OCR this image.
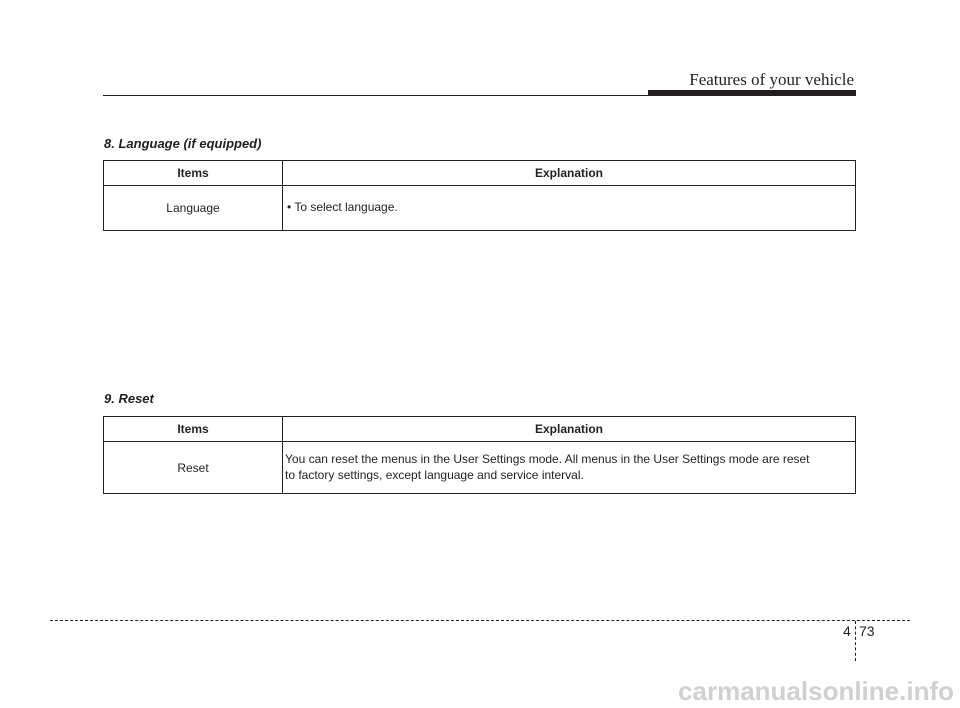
Features of your vehicle
8. Language (if equipped)
Items	Explanation
Language	• To select language.
9. Reset
Items	Explanation
Reset	You can reset the menus in the User Settings mode. All menus in the User Settings mode are reset
to factory settings, except language and service interval.
4 73
carmanualsonline.info
